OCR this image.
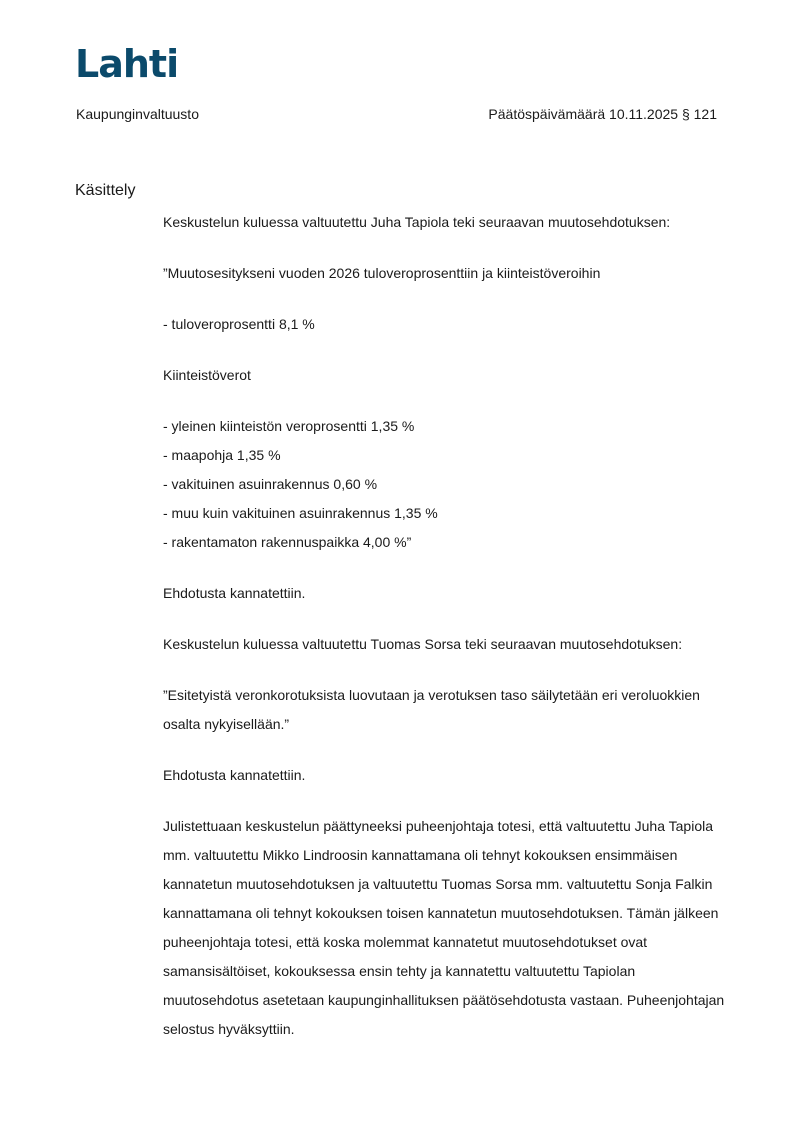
Lahti
Kaupunginvaltuusto	Päätöspäivämäärä 10.11.2025 § 121
Käsittely

Keskustelun kuluessa valtuutettu Juha Tapiola teki seuraavan muutosehdotuksen:

”Muutosesitykseni vuoden 2026 tuloveroprosenttiin ja kiinteistöveroihin

- tuloveroprosentti 8,1 %

Kiinteistöverot

- yleinen kiinteistön veroprosentti 1,35 %
- maapohja 1,35 %
- vakituinen asuinrakennus 0,60 %
- muu kuin vakituinen asuinrakennus 1,35 %
- rakentamaton rakennuspaikka 4,00 %”

Ehdotusta kannatettiin.

Keskustelun kuluessa valtuutettu Tuomas Sorsa teki seuraavan muutosehdotuksen:

”Esitetyistä veronkorotuksista luovutaan ja verotuksen taso säilytetään eri veroluokkien osalta nykyisellään.”

Ehdotusta kannatettiin.

Julistettuaan keskustelun päättyneeksi puheenjohtaja totesi, että valtuutettu Juha Tapiola mm. valtuutettu Mikko Lindroosin kannattamana oli tehnyt kokouksen ensimmäisen kannatetun muutosehdotuksen ja valtuutettu Tuomas Sorsa mm. valtuutettu Sonja Falkin kannattamana oli tehnyt kokouksen toisen kannatetun muutosehdotuksen. Tämän jälkeen puheenjohtaja totesi, että koska molemmat kannatetut muutosehdotukset ovat samansisältöiset, kokouksessa ensin tehty ja kannatettu valtuutettu Tapiolan muutosehdotus asetetaan kaupunginhallituksen päätösehdotusta vastaan. Puheenjohtajan selostus hyväksyttiin.
